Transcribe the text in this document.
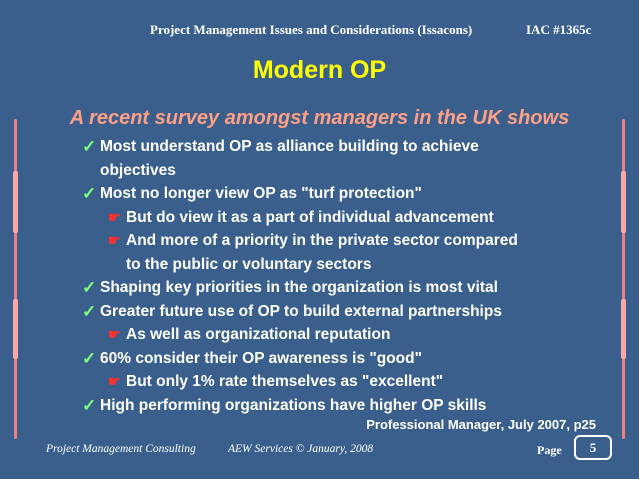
Project Management Issues and Considerations (Issacons)	IAC #1365c
Modern OP
A recent survey amongst managers in the UK shows
✓ Most understand OP as alliance building to achieve
objectives
✓ Most no longer view OP as "turf protection"
☛ But do view it as a part of individual advancement
☛ And more of a priority in the private sector compared
to the public or voluntary sectors
✓ Shaping key priorities in the organization is most vital
✓ Greater future use of OP to build external partnerships
☛ As well as organizational reputation
✓ 60% consider their OP awareness is "good"
☛ But only 1% rate themselves as "excellent"
✓ High performing organizations have higher OP skills
Professional Manager, July 2007, p25
Project Management Consulting	AEW Services © January, 2008	Page	5
